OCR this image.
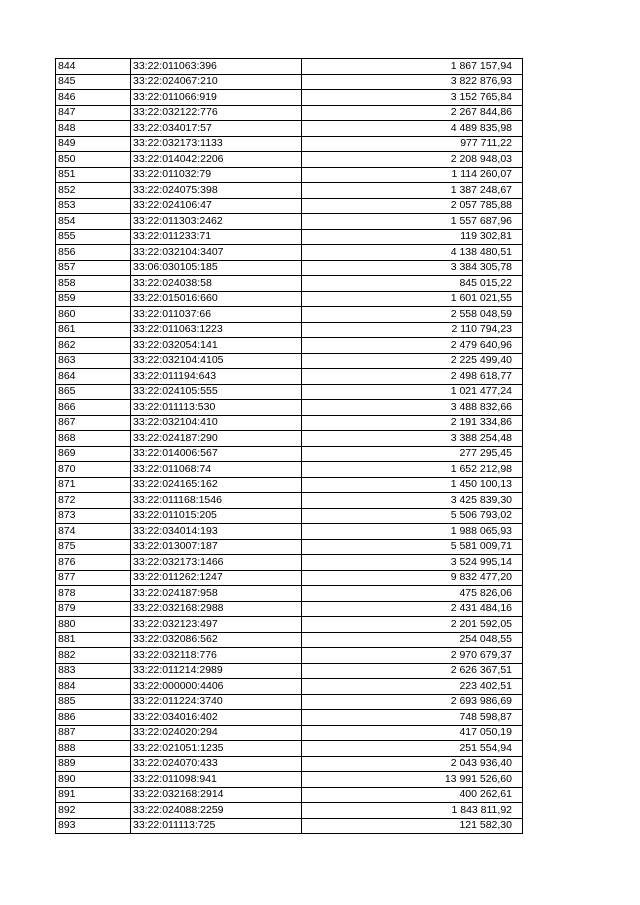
844	33:22:011063:396	1 867 157,94
845	33:22:024067:210	3 822 876,93
846	33:22:011066:919	3 152 765,84
847	33:22:032122:776	2 267 844,86
848	33:22:034017:57	4 489 835,98
849	33:22:032173:1133	977 711,22
850	33:22:014042:2206	2 208 948,03
851	33:22:011032:79	1 114 260,07
852	33:22:024075:398	1 387 248,67
853	33:22:024106:47	2 057 785,88
854	33:22:011303:2462	1 557 687,96
855	33:22:011233:71	119 302,81
856	33:22:032104:3407	4 138 480,51
857	33:06:030105:185	3 384 305,78
858	33:22:024038:58	845 015,22
859	33:22:015016:660	1 601 021,55
860	33:22:011037:66	2 558 048,59
861	33:22:011063:1223	2 110 794,23
862	33:22:032054:141	2 479 640,96
863	33:22:032104:4105	2 225 499,40
864	33:22:011194:643	2 498 618,77
865	33:22:024105:555	1 021 477,24
866	33:22:011113:530	3 488 832,66
867	33:22:032104:410	2 191 334,86
868	33:22:024187:290	3 388 254,48
869	33:22:014006:567	277 295,45
870	33:22:011068:74	1 652 212,98
871	33:22:024165:162	1 450 100,13
872	33:22:011168:1546	3 425 839,30
873	33:22:011015:205	5 506 793,02
874	33:22:034014:193	1 988 065,93
875	33:22:013007:187	5 581 009,71
876	33:22:032173:1466	3 524 995,14
877	33:22:011262:1247	9 832 477,20
878	33:22:024187:958	475 826,06
879	33:22:032168:2988	2 431 484,16
880	33:22:032123:497	2 201 592,05
881	33:22:032086:562	254 048,55
882	33:22:032118:776	2 970 679,37
883	33:22:011214:2989	2 626 367,51
884	33:22:000000:4406	223 402,51
885	33:22:011224:3740	2 693 986,69
886	33:22:034016:402	748 598,87
887	33:22:024020:294	417 050,19
888	33:22:021051:1235	251 554,94
889	33:22:024070:433	2 043 936,40
890	33:22:011098:941	13 991 526,60
891	33:22:032168:2914	400 262,61
892	33:22:024088:2259	1 843 811,92
893	33:22:011113:725	121 582,30
